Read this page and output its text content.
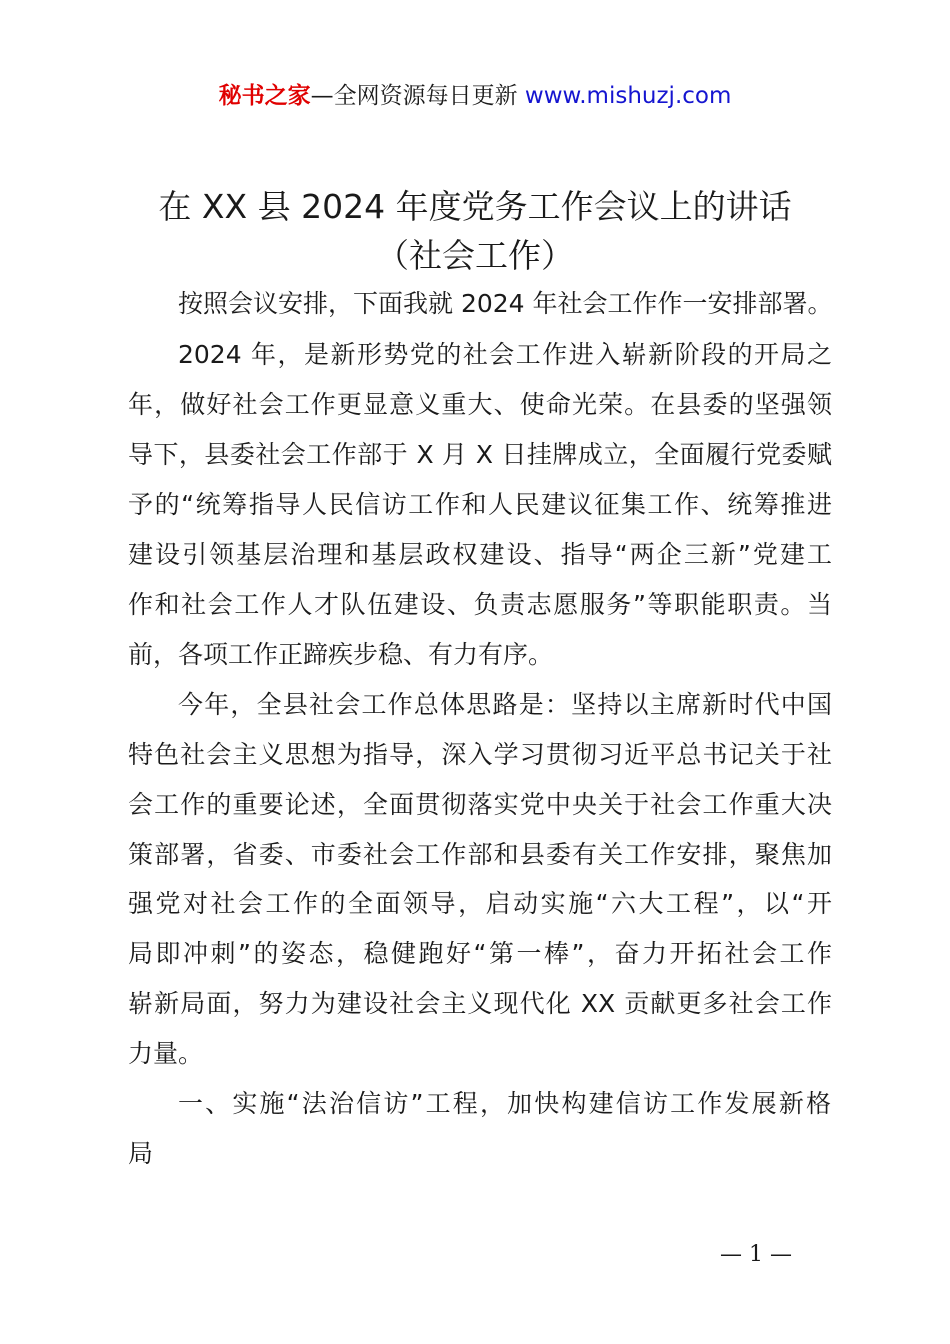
秘书之家—全网资源每日更新 www.mishuzj.com
在 XX 县 2024 年度党务工作会议上的讲话
（社会工作）
按照会议安排，下面我就 2024 年社会工作作一安排部署。
2024 年，是新形势党的社会工作进入崭新阶段的开局之
年，做好社会工作更显意义重大、使命光荣。在县委的坚强领
导下，县委社会工作部于 X 月 X 日挂牌成立，全面履行党委赋
予的“统筹指导人民信访工作和人民建议征集工作、统筹推进
建设引领基层治理和基层政权建设、指导“两企三新”党建工
作和社会工作人才队伍建设、负责志愿服务”等职能职责。当
前，各项工作正蹄疾步稳、有力有序。
今年，全县社会工作总体思路是：坚持以主席新时代中国
特色社会主义思想为指导，深入学习贯彻习近平总书记关于社
会工作的重要论述，全面贯彻落实党中央关于社会工作重大决
策部署，省委、市委社会工作部和县委有关工作安排，聚焦加
强党对社会工作的全面领导，启动实施“六大工程”，以“开
局即冲刺”的姿态，稳健跑好“第一棒”，奋力开拓社会工作
崭新局面，努力为建设社会主义现代化 XX 贡献更多社会工作
力量。
一、实施“法治信访”工程，加快构建信访工作发展新格
局
— 1 —
